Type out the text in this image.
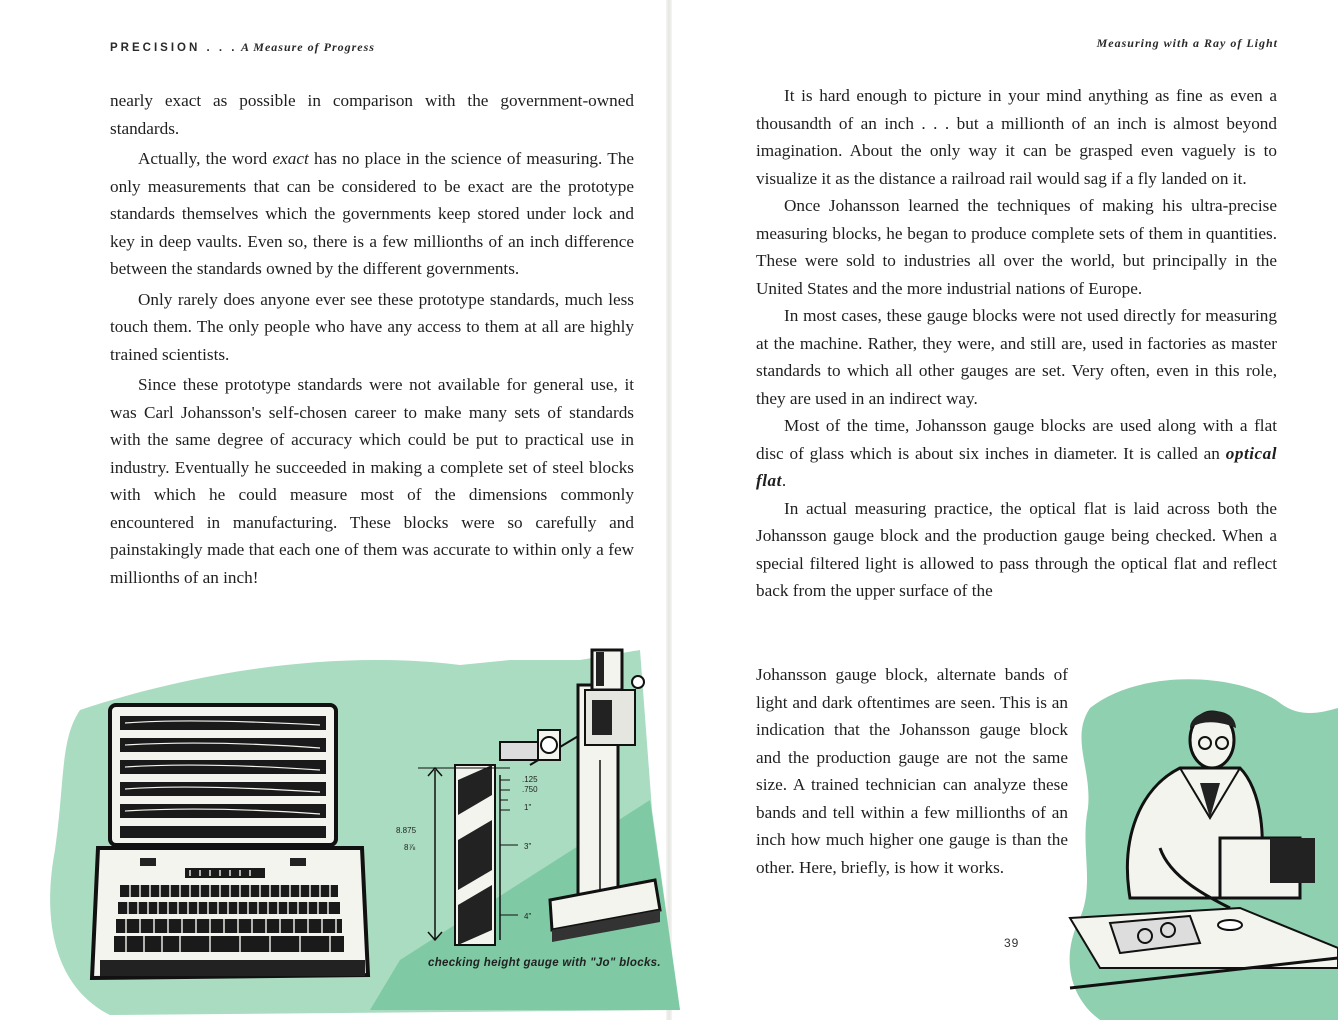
PRECISION . . . A Measure of Progress	Measuring with a Ray of Light

nearly exact as possible in comparison with the government-owned standards.

Actually, the word exact has no place in the science of measuring. The only measurements that can be considered to be exact are the prototype standards themselves which the governments keep stored under lock and key in deep vaults. Even so, there is a few millionths of an inch difference between the standards owned by the different governments.

Only rarely does anyone ever see these prototype standards, much less touch them. The only people who have any access to them at all are highly trained scientists.

Since these prototype standards were not available for general use, it was Carl Johansson's self-chosen career to make many sets of standards with the same degree of accuracy which could be put to practical use in industry. Eventually he succeeded in making a complete set of steel blocks with which he could measure most of the dimensions commonly encountered in manufacturing. These blocks were so carefully and painstakingly made that each one of them was accurate to within only a few millionths of an inch!

.125
.750
1"
3"
4"
8.875
8⅞
checking height gauge with "Jo" blocks.

It is hard enough to picture in your mind anything as fine as even a thousandth of an inch . . . but a millionth of an inch is almost beyond imagination. About the only way it can be grasped even vaguely is to visualize it as the distance a railroad rail would sag if a fly landed on it.

Once Johansson learned the techniques of making his ultra-precise measuring blocks, he began to produce complete sets of them in quantities. These were sold to industries all over the world, but principally in the United States and the more industrial nations of Europe.

In most cases, these gauge blocks were not used directly for measuring at the machine. Rather, they were, and still are, used in factories as master standards to which all other gauges are set. Very often, even in this role, they are used in an indirect way.

Most of the time, Johansson gauge blocks are used along with a flat disc of glass which is about six inches in diameter. It is called an optical flat.

In actual measuring practice, the optical flat is laid across both the Johansson gauge block and the production gauge being checked. When a special filtered light is allowed to pass through the optical flat and reflect back from the upper surface of the

Johansson gauge block, alternate bands of light and dark oftentimes are seen. This is an indication that the Johansson gauge block and the production gauge are not the same size. A trained technician can analyze these bands and tell within a few millionths of an inch how much higher one gauge is than the other. Here, briefly, is how it works.

39
